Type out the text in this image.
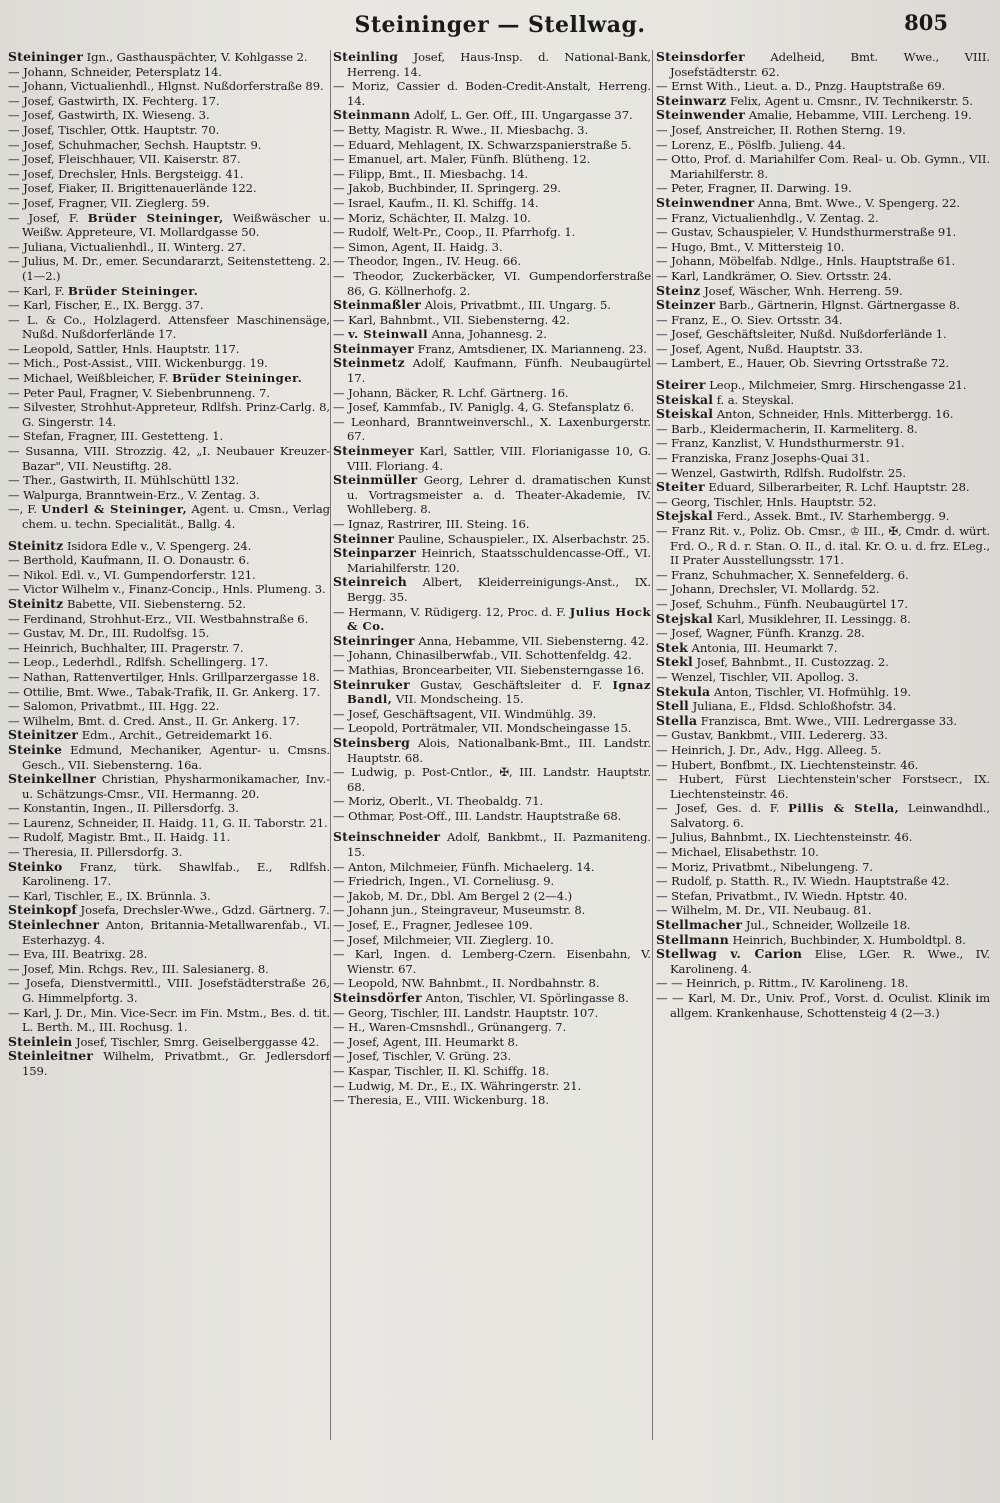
Steininger — Stellwag.	805

Steininger Ign., Gasthauspächter, V. Kohlgasse 2.

— Johann, Schneider, Petersplatz 14.

— Johann, Victualienhdl., Hlgnst. Nußdorferstraße 89.

— Josef, Gastwirth, IX. Fechterg. 17.

— Josef, Gastwirth, IX. Wieseng. 3.

— Josef, Tischler, Ottk. Hauptstr. 70.

— Josef, Schuhmacher, Sechsh. Hauptstr. 9.

— Josef, Fleischhauer, VII. Kaiserstr. 87.

— Josef, Drechsler, Hnls. Bergsteigg. 41.

— Josef, Fiaker, II. Brigittenauerlände 122.

— Josef, Fragner, VII. Zieglerg. 59.

— Josef, F. Brüder Steininger, Weißwäscher u. Weißw. Appreteure, VI. Mollardgasse 50.

— Juliana, Victualienhdl., II. Winterg. 27.

— Julius, M. Dr., emer. Secundararzt, Seitenstetteng. 2. (1—2.)

— Karl, F. Brüder Steininger.

— Karl, Fischer, E., IX. Bergg. 37.

— L. & Co., Holzlagerd. Attensfeer Maschinensäge, Nußd. Nußdorferlände 17.

— Leopold, Sattler, Hnls. Hauptstr. 117.

— Mich., Post-Assist., VIII. Wickenburgg. 19.

— Michael, Weißbleicher, F. Brüder Steininger.

— Peter Paul, Fragner, V. Siebenbrunneng. 7.

— Silvester, Strohhut-Appreteur, Rdlfsh. Prinz-Carlg. 8, G. Singerstr. 14.

— Stefan, Fragner, III. Gestetteng. 1.

— Susanna, VIII. Strozzig. 42, „I. Neubauer Kreuzer-Bazar", VII. Neustiftg. 28.

— Ther., Gastwirth, II. Mühlschüttl 132.

— Walpurga, Branntwein-Erz., V. Zentag. 3.

—, F. Underl & Steininger, Agent. u. Cmsn., Verlag chem. u. techn. Specialität., Ballg. 4.

Steinitz Isidora Edle v., V. Spengerg. 24.

— Berthold, Kaufmann, II. O. Donaustr. 6.

— Nikol. Edl. v., VI. Gumpendorferstr. 121.

— Victor Wilhelm v., Finanz-Concip., Hnls. Plumeng. 3.

Steinitz Babette, VII. Siebensterng. 52.

— Ferdinand, Strohhut-Erz., VII. Westbahnstraße 6.

— Gustav, M. Dr., III. Rudolfsg. 15.

— Heinrich, Buchhalter, III. Pragerstr. 7.

— Leop., Lederhdl., Rdlfsh. Schellingerg. 17.

— Nathan, Rattenvertilger, Hnls. Grillparzergasse 18.

— Ottilie, Bmt. Wwe., Tabak-Trafik, II. Gr. Ankerg. 17.

— Salomon, Privatbmt., III. Hgg. 22.

— Wilhelm, Bmt. d. Cred. Anst., II. Gr. Ankerg. 17.

Steinitzer Edm., Archit., Getreidemarkt 16.

Steinke Edmund, Mechaniker, Agentur- u. Cmsns. Gesch., VII. Siebensterng. 16a.

Steinkellner Christian, Physharmonikamacher, Inv.- u. Schätzungs-Cmsr., VII. Hermanng. 20.

— Konstantin, Ingen., II. Pillersdorfg. 3.

— Laurenz, Schneider, II. Haidg. 11, G. II. Taborstr. 21.

— Rudolf, Magistr. Bmt., II. Haidg. 11.

— Theresia, II. Pillersdorfg. 3.

Steinko Franz, türk. Shawlfab., E., Rdlfsh. Karolineng. 17.

— Karl, Tischler, E., IX. Brünnla. 3.

Steinkopf Josefa, Drechsler-Wwe., Gdzd. Gärtnerg. 7.

Steinlechner Anton, Britannia-Metallwarenfab., VI. Esterhazyg. 4.

— Eva, III. Beatrixg. 28.

— Josef, Min. Rchgs. Rev., III. Salesianerg. 8.

— Josefa, Dienstvermittl., VIII. Josefstädterstraße 26, G. Himmelpfortg. 3.

— Karl, J. Dr., Min. Vice-Secr. im Fin. Mstm., Bes. d. tit. L. Berth. M., III. Rochusg. 1.

Steinlein Josef, Tischler, Smrg. Geiselberggasse 42.

Steinleitner Wilhelm, Privatbmt., Gr. Jedlersdorf 159.

Steinling Josef, Haus-Insp. d. National-Bank, Herreng. 14.

— Moriz, Cassier d. Boden-Credit-Anstalt, Herreng. 14.

Steinmann Adolf, L. Ger. Off., III. Ungargasse 37.

— Betty, Magistr. R. Wwe., II. Miesbachg. 3.

— Eduard, Mehlagent, IX. Schwarzspanierstraße 5.

— Emanuel, art. Maler, Fünfh. Blütheng. 12.

— Filipp, Bmt., II. Miesbachg. 14.

— Jakob, Buchbinder, II. Springerg. 29.

— Israel, Kaufm., II. Kl. Schiffg. 14.

— Moriz, Schächter, II. Malzg. 10.

— Rudolf, Welt-Pr., Coop., II. Pfarrhofg. 1.

— Simon, Agent, II. Haidg. 3.

— Theodor, Ingen., IV. Heug. 66.

— Theodor, Zuckerbäcker, VI. Gumpendorferstraße 86, G. Köllnerhofg. 2.

Steinmaßler Alois, Privatbmt., III. Ungarg. 5.

— Karl, Bahnbmt., VII. Siebensterng. 42.

— v. Steinwall Anna, Johannesg. 2.

Steinmayer Franz, Amtsdiener, IX. Marianneng. 23.

Steinmetz Adolf, Kaufmann, Fünfh. Neubaugürtel 17.

— Johann, Bäcker, R. Lchf. Gärtnerg. 16.

— Josef, Kammfab., IV. Paniglg. 4, G. Stefansplatz 6.

— Leonhard, Branntweinverschl., X. Laxenburgerstr. 67.

Steinmeyer Karl, Sattler, VIII. Florianigasse 10, G. VIII. Floriang. 4.

Steinmüller Georg, Lehrer d. dramatischen Kunst u. Vortragsmeister a. d. Theater-Akademie, IV. Wohlleberg. 8.

— Ignaz, Rastrirer, III. Steing. 16.

Steinner Pauline, Schauspieler., IX. Alserbachstr. 25.

Steinparzer Heinrich, Staatsschuldencasse-Off., VI. Mariahilferstr. 120.

Steinreich Albert, Kleiderreinigungs-Anst., IX. Bergg. 35.

— Hermann, V. Rüdigerg. 12, Proc. d. F. Julius Hock & Co.

Steinringer Anna, Hebamme, VII. Siebensterng. 42.

— Johann, Chinasilberwfab., VII. Schottenfeldg. 42.

— Mathias, Broncearbeiter, VII. Siebensterngasse 16.

Steinruker Gustav, Geschäftsleiter d. F. Ignaz Bandl, VII. Mondscheing. 15.

— Josef, Geschäftsagent, VII. Windmühlg. 39.

— Leopold, Porträtmaler, VII. Mondscheingasse 15.

Steinsberg Alois, Nationalbank-Bmt., III. Landstr. Hauptstr. 68.

— Ludwig, p. Post-Cntlor., ✠, III. Landstr. Hauptstr. 68.

— Moriz, Oberlt., VI. Theobaldg. 71.

— Othmar, Post-Off., III. Landstr. Hauptstraße 68.

Steinschneider Adolf, Bankbmt., II. Pazmaniteng. 15.

— Anton, Milchmeier, Fünfh. Michaelerg. 14.

— Friedrich, Ingen., VI. Corneliusg. 9.

— Jakob, M. Dr., Dbl. Am Bergel 2 (2—4.)

— Johann jun., Steingraveur, Museumstr. 8.

— Josef, E., Fragner, Jedlesee 109.

— Josef, Milchmeier, VII. Zieglerg. 10.

— Karl, Ingen. d. Lemberg-Czern. Eisenbahn, V. Wienstr. 67.

— Leopold, NW. Bahnbmt., II. Nordbahnstr. 8.

Steinsdörfer Anton, Tischler, VI. Spörlingasse 8.

— Georg, Tischler, III. Landstr. Hauptstr. 107.

— H., Waren-Cmsnshdl., Grünangerg. 7.

— Josef, Agent, III. Heumarkt 8.

— Josef, Tischler, V. Grüng. 23.

— Kaspar, Tischler, II. Kl. Schiffg. 18.

— Ludwig, M. Dr., E., IX. Währingerstr. 21.

— Theresia, E., VIII. Wickenburg. 18.

Steinsdorfer Adelheid, Bmt. Wwe., VIII. Josefstädterstr. 62.

— Ernst With., Lieut. a. D., Pnzg. Hauptstraße 69.

Steinwarz Felix, Agent u. Cmsnr., IV. Technikerstr. 5.

Steinwender Amalie, Hebamme, VIII. Lercheng. 19.

— Josef, Anstreicher, II. Rothen Sterng. 19.

— Lorenz, E., Pöslfb. Julieng. 44.

— Otto, Prof. d. Mariahilfer Com. Real- u. Ob. Gymn., VII. Mariahilferstr. 8.

— Peter, Fragner, II. Darwing. 19.

Steinwendner Anna, Bmt. Wwe., V. Spengerg. 22.

— Franz, Victualienhdlg., V. Zentag. 2.

— Gustav, Schauspieler, V. Hundsthurmerstraße 91.

— Hugo, Bmt., V. Mittersteig 10.

— Johann, Möbelfab. Ndlge., Hnls. Hauptstraße 61.

— Karl, Landkrämer, O. Siev. Ortsstr. 24.

Steinz Josef, Wäscher, Wnh. Herreng. 59.

Steinzer Barb., Gärtnerin, Hlgnst. Gärtnergasse 8.

— Franz, E., O. Siev. Ortsstr. 34.

— Josef, Geschäftsleiter, Nußd. Nußdorferlände 1.

— Josef, Agent, Nußd. Hauptstr. 33.

— Lambert, E., Hauer, Ob. Sievring Ortsstraße 72.

Steirer Leop., Milchmeier, Smrg. Hirschengasse 21.

Steiskal f. a. Steyskal.

Steiskal Anton, Schneider, Hnls. Mitterbergg. 16.

— Barb., Kleidermacherin, II. Karmeliterg. 8.

— Franz, Kanzlist, V. Hundsthurmerstr. 91.

— Franziska, Franz Josephs-Quai 31.

— Wenzel, Gastwirth, Rdlfsh. Rudolfstr. 25.

Steiter Eduard, Silberarbeiter, R. Lchf. Hauptstr. 28.

— Georg, Tischler, Hnls. Hauptstr. 52.

Stejskal Ferd., Assek. Bmt., IV. Starhembergg. 9.

— Franz Rit. v., Poliz. Ob. Cmsr., ♔ III., ✠, Cmdr. d. würt. Frd. O., R d. r. Stan. O. II., d. ital. Kr. O. u. d. frz. ELeg., II Prater Ausstellungsstr. 171.

— Franz, Schuhmacher, X. Sennefelderg. 6.

— Johann, Drechsler, VI. Mollardg. 52.

— Josef, Schuhm., Fünfh. Neubaugürtel 17.

Stejskal Karl, Musiklehrer, II. Lessingg. 8.

— Josef, Wagner, Fünfh. Kranzg. 28.

Stek Antonia, III. Heumarkt 7.

Stekl Josef, Bahnbmt., II. Custozzag. 2.

— Wenzel, Tischler, VII. Apollog. 3.

Stekula Anton, Tischler, VI. Hofmühlg. 19.

Stell Juliana, E., Fldsd. Schloßhofstr. 34.

Stella Franzisca, Bmt. Wwe., VIII. Ledrergasse 33.

— Gustav, Bankbmt., VIII. Ledererg. 33.

— Heinrich, J. Dr., Adv., Hgg. Alleeg. 5.

— Hubert, Bonfbmt., IX. Liechtensteinstr. 46.

— Hubert, Fürst Liechtenstein'scher Forstsecr., IX. Liechtensteinstr. 46.

— Josef, Ges. d. F. Pillis & Stella, Leinwandhdl., Salvatorg. 6.

— Julius, Bahnbmt., IX. Liechtensteinstr. 46.

— Michael, Elisabethstr. 10.

— Moriz, Privatbmt., Nibelungeng. 7.

— Rudolf, p. Statth. R., IV. Wiedn. Hauptstraße 42.

— Stefan, Privatbmt., IV. Wiedn. Hptstr. 40.

— Wilhelm, M. Dr., VII. Neubaug. 81.

Stellmacher Jul., Schneider, Wollzeile 18.

Stellmann Heinrich, Buchbinder, X. Humboldtpl. 8.

Stellwag v. Carion Elise, LGer. R. Wwe., IV. Karolineng. 4.

— — Heinrich, p. Rittm., IV. Karolineng. 18.

— — Karl, M. Dr., Univ. Prof., Vorst. d. Oculist. Klinik im allgem. Krankenhause, Schottensteig 4 (2—3.)
